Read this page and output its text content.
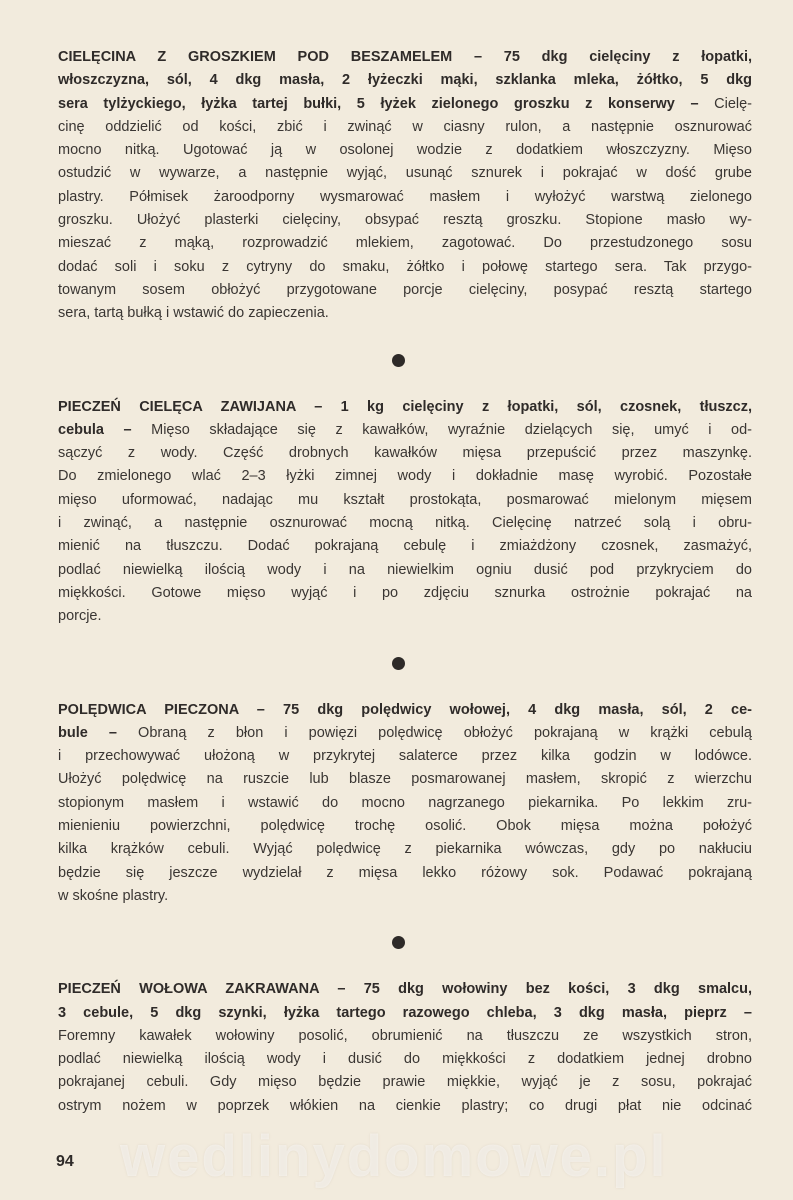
wedlinydomowe.pl
CIELĘCINA Z GROSZKIEM POD BESZAMELEM – 75 dkg cielęciny z łopatki,
włoszczyzna, sól, 4 dkg masła, 2 łyżeczki mąki, szklanka mleka, żółtko, 5 dkg
sera tylżyckiego, łyżka tartej bułki, 5 łyżek zielonego groszku z konserwy – Cielę-
cinę oddzielić od kości, zbić i zwinąć w ciasny rulon, a następnie osznurować
mocno nitką. Ugotować ją w osolonej wodzie z dodatkiem włoszczyzny. Mięso
ostudzić w wywarze, a następnie wyjąć, usunąć sznurek i pokrajać w dość grube
plastry. Półmisek żaroodporny wysmarować masłem i wyłożyć warstwą zielonego
groszku. Ułożyć plasterki cielęciny, obsypać resztą groszku. Stopione masło wy-
mieszać z mąką, rozprowadzić mlekiem, zagotować. Do przestudzonego sosu
dodać soli i soku z cytryny do smaku, żółtko i połowę startego sera. Tak przygo-
towanym sosem obłożyć przygotowane porcje cielęciny, posypać resztą startego
sera, tartą bułką i wstawić do zapieczenia.
PIECZEŃ CIELĘCA ZAWIJANA – 1 kg cielęciny z łopatki, sól, czosnek, tłuszcz,
cebula – Mięso składające się z kawałków, wyraźnie dzielących się, umyć i od-
sączyć z wody. Część drobnych kawałków mięsa przepuścić przez maszynkę.
Do zmielonego wlać 2–3 łyżki zimnej wody i dokładnie masę wyrobić. Pozostałe
mięso uformować, nadając mu kształt prostokąta, posmarować mielonym mięsem
i zwinąć, a następnie osznurować mocną nitką. Cielęcinę natrzeć solą i obru-
mienić na tłuszczu. Dodać pokrajaną cebulę i zmiażdżony czosnek, zasmażyć,
podlać niewielką ilością wody i na niewielkim ogniu dusić pod przykryciem do
miękkości. Gotowe mięso wyjąć i po zdjęciu sznurka ostrożnie pokrajać na
porcje.
POLĘDWICA PIECZONA – 75 dkg polędwicy wołowej, 4 dkg masła, sól, 2 ce-
bule – Obraną z błon i powięzi polędwicę obłożyć pokrajaną w krążki cebulą
i przechowywać ułożoną w przykrytej salaterce przez kilka godzin w lodówce.
Ułożyć polędwicę na ruszcie lub blasze posmarowanej masłem, skropić z wierzchu
stopionym masłem i wstawić do mocno nagrzanego piekarnika. Po lekkim zru-
mienieniu powierzchni, polędwicę trochę osolić. Obok mięsa można położyć
kilka krążków cebuli. Wyjąć polędwicę z piekarnika wówczas, gdy po nakłuciu
będzie się jeszcze wydzielał z mięsa lekko różowy sok. Podawać pokrajaną
w skośne plastry.
PIECZEŃ WOŁOWA ZAKRAWANA – 75 dkg wołowiny bez kości, 3 dkg smalcu,
3 cebule, 5 dkg szynki, łyżka tartego razowego chleba, 3 dkg masła, pieprz –
Foremny kawałek wołowiny posolić, obrumienić na tłuszczu ze wszystkich stron,
podlać niewielką ilością wody i dusić do miękkości z dodatkiem jednej drobno
pokrajanej cebuli. Gdy mięso będzie prawie miękkie, wyjąć je z sosu, pokrajać
ostrym nożem w poprzek włókien na cienkie plastry; co drugi płat nie odcinać
94
